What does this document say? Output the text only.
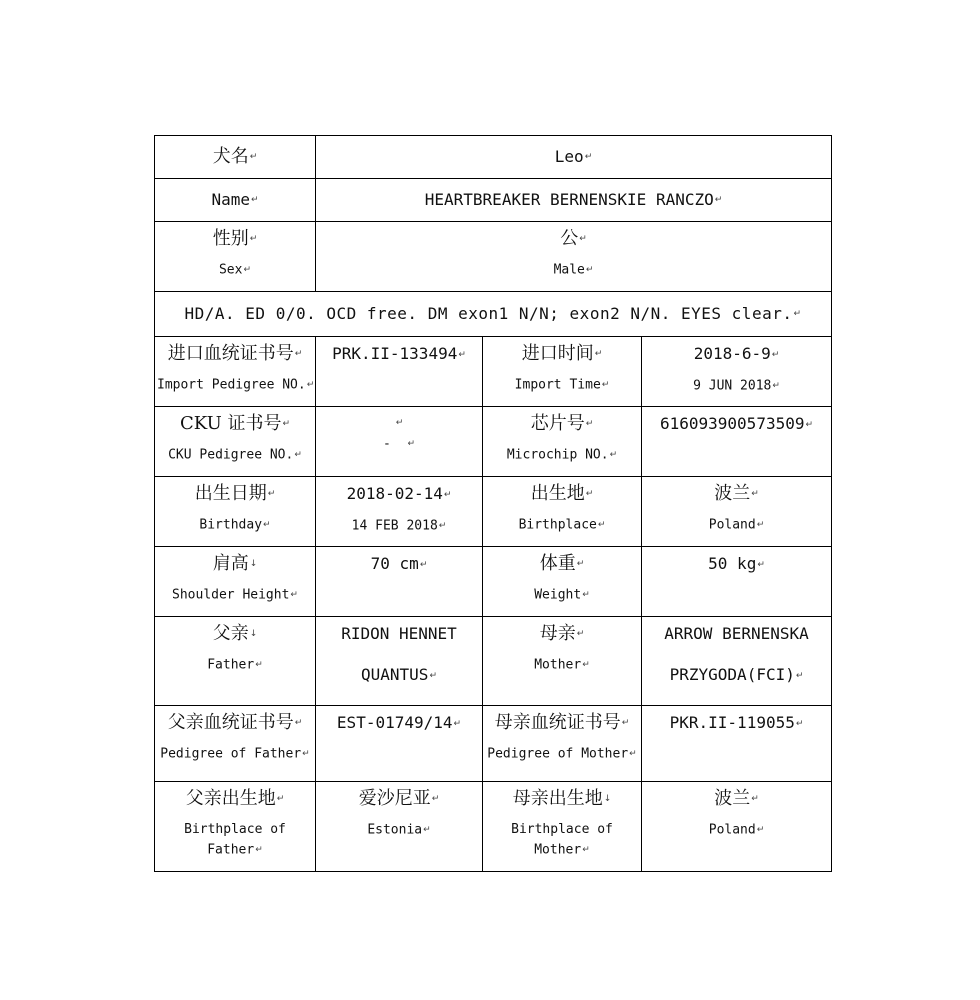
犬名↵	Leo↵		

Name↵	HEARTBREAKER BERNENSKIE RANCZO↵		

性别↵
Sex↵	公↵
Male↵		

HD/A. ED 0/0. OCD free. DM exon1 N/N; exon2 N/N. EYES clear.↵			

进口血统证书号↵
Import Pedigree NO.↵	PRK.II-133494↵	进口时间↵
Import Time↵	2018-6-9↵
9 JUN 2018↵

CKU 证书号↵
CKU Pedigree NO.↵	↵
- ↵	芯片号↵
Microchip NO.↵	616093900573509↵

出生日期↵
Birthday↵	2018-02-14↵
14 FEB 2018↵	出生地↵
Birthplace↵	波兰↵
Poland↵

肩高↓
Shoulder Height↵	70 cm↵	体重↵
Weight↵	50 kg↵

父亲↓
Father↵	RIDON HENNET
QUANTUS↵	母亲↵
Mother↵	ARROW BERNENSKA
PRZYGODA(FCI)↵

父亲血统证书号↵
Pedigree of Father↵	EST-01749/14↵	母亲血统证书号↵
Pedigree of Mother↵	PKR.II-119055↵

父亲出生地↵
Birthplace of Father↵	爱沙尼亚↵
Estonia↵	母亲出生地↓
Birthplace of Mother↵	波兰↵
Poland↵
